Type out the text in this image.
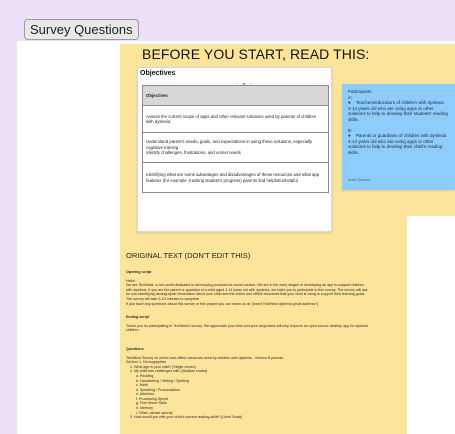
Survey Questions
BEFORE YOU START, READ THIS:
Objectives
− ⇄ +
Objectives
Assess the current scope of apps and other relevant solutions used by parents of children with dyslexia
Understand parent's needs, goals, and expectations in using these solutions, especially cognitive training
Identify challenges, frustrations, and unmet needs
Identifying what are some advantages and disadvantages of these resources and what app features (for example, tracking student's progress) parents find helpful/unhelpful
Participants
A:
●    Teachers/educators of children with dyslexia 4-14 years old who are using apps or other solutions to help to develop their students' reading skills.
B:
●    Parents or guardians of children with dyslexia 4-14 years old who are using apps or other solutions to help to develop their child's reading skills.
Anita Eriksen
ORIGINAL TEXT (DON'T EDIT THIS)
Opening script
Hello!
We are TechNest, a non-profit dedicated to developing products for social causes. We are in the early stages of developing an app to support children
with dyslexia. If you are the parent or guardian of a child aged 4-14 years old with dyslexia, we invite you to participate in this survey. The survey will ask
for non-identifying demographic information about your child and the online and offline resources that your child is using to support their learning goals.
The survey will take 5-10 minutes to complete.
If you have any questions about this survey or this project you can reach us at: [Insert TechNest dyslexia gmail address?]
Ending script
Thank you for participating in TechNest's survey. We appreciate your time and your responses will help improve an open source desktop app for dyslexic
children.
Questions
TechNest Survey on online and offline resources used by children with dyslexia - Version B parents
Section 1: Demographics
1. What age is your child? [Single choice]
2. My child has challenges with: [Multiple choice]
a. Reading
b. Handwriting / Writing / Spelling
c. Math
d. Speaking / Pronunciation
e. Attention
f. Processing Speed
g. Fine Motor Skills
h. Memory
i. Other: please specify
3. How would you rate your child's current reading skills? [Likert Scale]
